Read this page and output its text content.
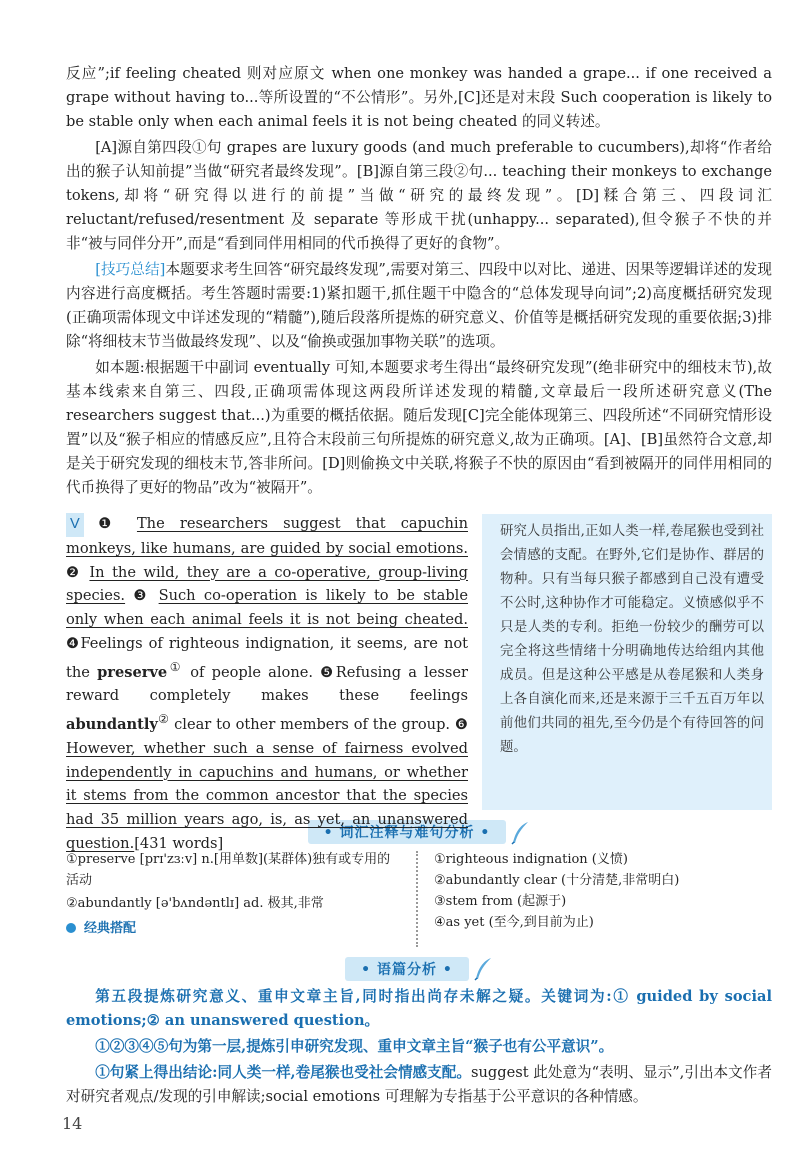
反应”;if feeling cheated 则对应原文 when one monkey was handed a grape... if one received a grape without having to...等所设置的“不公情形”。另外,[C]还是对末段 Such cooperation is likely to be stable only when each animal feels it is not being cheated 的同义转述。

[A]源自第四段①句 grapes are luxury goods (and much preferable to cucumbers),却将“作者给出的猴子认知前提”当做“研究者最终发现”。[B]源自第三段②句... teaching their monkeys to exchange tokens,却将“研究得以进行的前提”当做“研究的最终发现”。[D]糅合第三、四段词汇 reluctant/refused/resentment 及 separate 等形成干扰(unhappy... separated),但令猴子不快的并非“被与同伴分开”,而是“看到同伴用相同的代币换得了更好的食物”。

[技巧总结]本题要求考生回答“研究最终发现”,需要对第三、四段中以对比、递进、因果等逻辑详述的发现内容进行高度概括。考生答题时需要:1)紧扣题干,抓住题干中隐含的“总体发现导向词”;2)高度概括研究发现(正确项需体现文中详述发现的“精髓”),随后段落所提炼的研究意义、价值等是概括研究发现的重要依据;3)排除“将细枝末节当做最终发现”、以及“偷换或强加事物关联”的选项。

如本题:根据题干中副词 eventually 可知,本题要求考生得出“最终研究发现”(绝非研究中的细枝末节),故基本线索来自第三、四段,正确项需体现这两段所详述发现的精髓,文章最后一段所述研究意义(The researchers suggest that...)为重要的概括依据。随后发现[C]完全能体现第三、四段所述“不同研究情形设置”以及“猴子相应的情感反应”,且符合末段前三句所提炼的研究意义,故为正确项。[A]、[B]虽然符合文意,却是关于研究发现的细枝末节,答非所问。[D]则偷换文中关联,将猴子不快的原因由“看到被隔开的同伴用相同的代币换得了更好的物品”改为“被隔开”。

V ❶ The researchers suggest that capuchin monkeys, like humans, are guided by social emotions. ❷ In the wild, they are a co-operative, group-living species. ❸ Such co-operation is likely to be stable only when each animal feels it is not being cheated. ❹Feelings of righteous indignation, it seems, are not the preserve① of people alone. ❺Refusing a lesser reward completely makes these feelings abundantly② clear to other members of the group. ❻ However, whether such a sense of fairness evolved independently in capuchins and humans, or whether it stems from the common ancestor that the species had 35 million years ago, is, as yet, an unanswered question.[431 words]
研究人员指出,正如人类一样,卷尾猴也受到社会情感的支配。在野外,它们是协作、群居的物种。只有当每只猴子都感到自己没有遭受不公时,这种协作才可能稳定。义愤感似乎不只是人类的专利。拒绝一份较少的酬劳可以完全将这些情绪十分明确地传达给组内其他成员。但是这种公平感是从卷尾猴和人类身上各自演化而来,还是来源于三千五百万年以前他们共同的祖先,至今仍是个有待回答的问题。
• 词汇注释与难句分析 •
①preserve [prɪ'zɜːv] n.[用单数](某群体)独有或专用的活动
②abundantly [ə'bʌndəntlɪ] ad. 极其,非常
经典搭配
①righteous indignation (义愤)
②abundantly clear (十分清楚,非常明白)
③stem from (起源于)
④as yet (至今,到目前为止)
• 语篇分析 •

第五段提炼研究意义、重申文章主旨,同时指出尚存未解之疑。关键词为:① guided by social emotions;② an unanswered question。

①②③④⑤句为第一层,提炼引申研究发现、重申文章主旨“猴子也有公平意识”。

①句紧上得出结论:同人类一样,卷尾猴也受社会情感支配。suggest 此处意为“表明、显示”,引出本文作者对研究者观点/发现的引申解读;social emotions 可理解为专指基于公平意识的各种情感。

14
